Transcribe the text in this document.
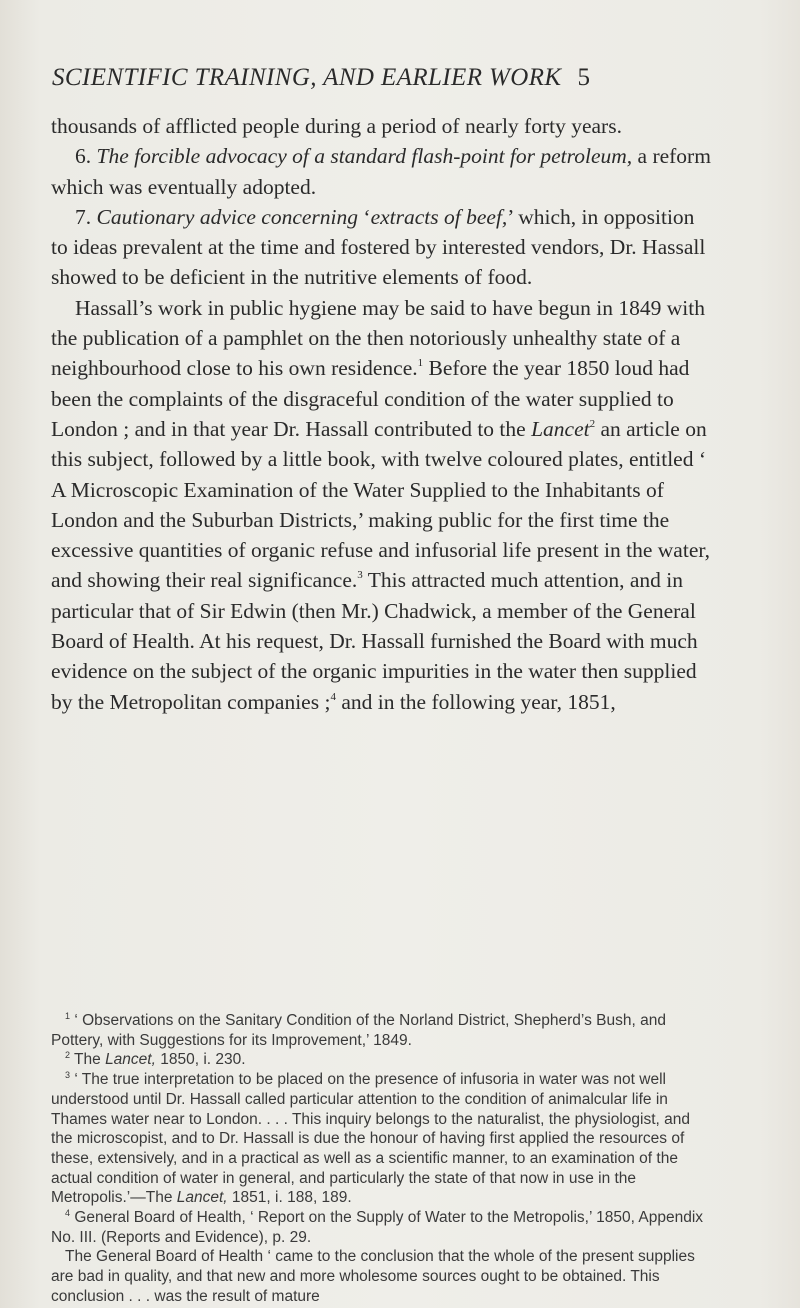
SCIENTIFIC TRAINING, AND EARLIER WORK 5

thousands of afflicted people during a period of nearly forty years.

6. The forcible advocacy of a standard flash-point for petroleum, a reform which was eventually adopted.

7. Cautionary advice concerning ‘extracts of beef,’ which, in opposition to ideas prevalent at the time and fostered by interested vendors, Dr. Hassall showed to be deficient in the nutritive elements of food.

Hassall’s work in public hygiene may be said to have begun in 1849 with the publication of a pamphlet on the then notoriously unhealthy state of a neighbourhood close to his own residence.$^1$ Before the year 1850 loud had been the complaints of the disgraceful condition of the water supplied to London ; and in that year Dr. Hassall contributed to the Lancet$^2$ an article on this subject, followed by a little book, with twelve coloured plates, entitled ‘ A Microscopic Examination of the Water Supplied to the Inhabitants of London and the Suburban Districts,’ making public for the first time the excessive quantities of organic refuse and infusorial life present in the water, and showing their real significance.$^3$ This attracted much attention, and in particular that of Sir Edwin (then Mr.) Chadwick, a member of the General Board of Health. At his request, Dr. Hassall furnished the Board with much evidence on the subject of the organic impurities in the water then supplied by the Metropolitan companies ;$^4$ and in the following year, 1851,

$^1$ ‘ Observations on the Sanitary Condition of the Norland District, Shepherd’s Bush, and Pottery, with Suggestions for its Improvement,’ 1849.

$^2$ The Lancet, 1850, i. 230.

$^3$ ‘ The true interpretation to be placed on the presence of infusoria in water was not well understood until Dr. Hassall called particular attention to the condition of animalcular life in Thames water near to London. . . . This inquiry belongs to the naturalist, the physiologist, and the microscopist, and to Dr. Hassall is due the honour of having first applied the resources of these, extensively, and in a practical as well as a scientific manner, to an examination of the actual condition of water in general, and particularly the state of that now in use in the Metropolis.’—The Lancet, 1851, i. 188, 189.

$^4$ General Board of Health, ‘ Report on the Supply of Water to the Metropolis,’ 1850, Appendix No. III. (Reports and Evidence), p. 29.

The General Board of Health ‘ came to the conclusion that the whole of the present supplies are bad in quality, and that new and more wholesome sources ought to be obtained. This conclusion . . . was the result of mature
